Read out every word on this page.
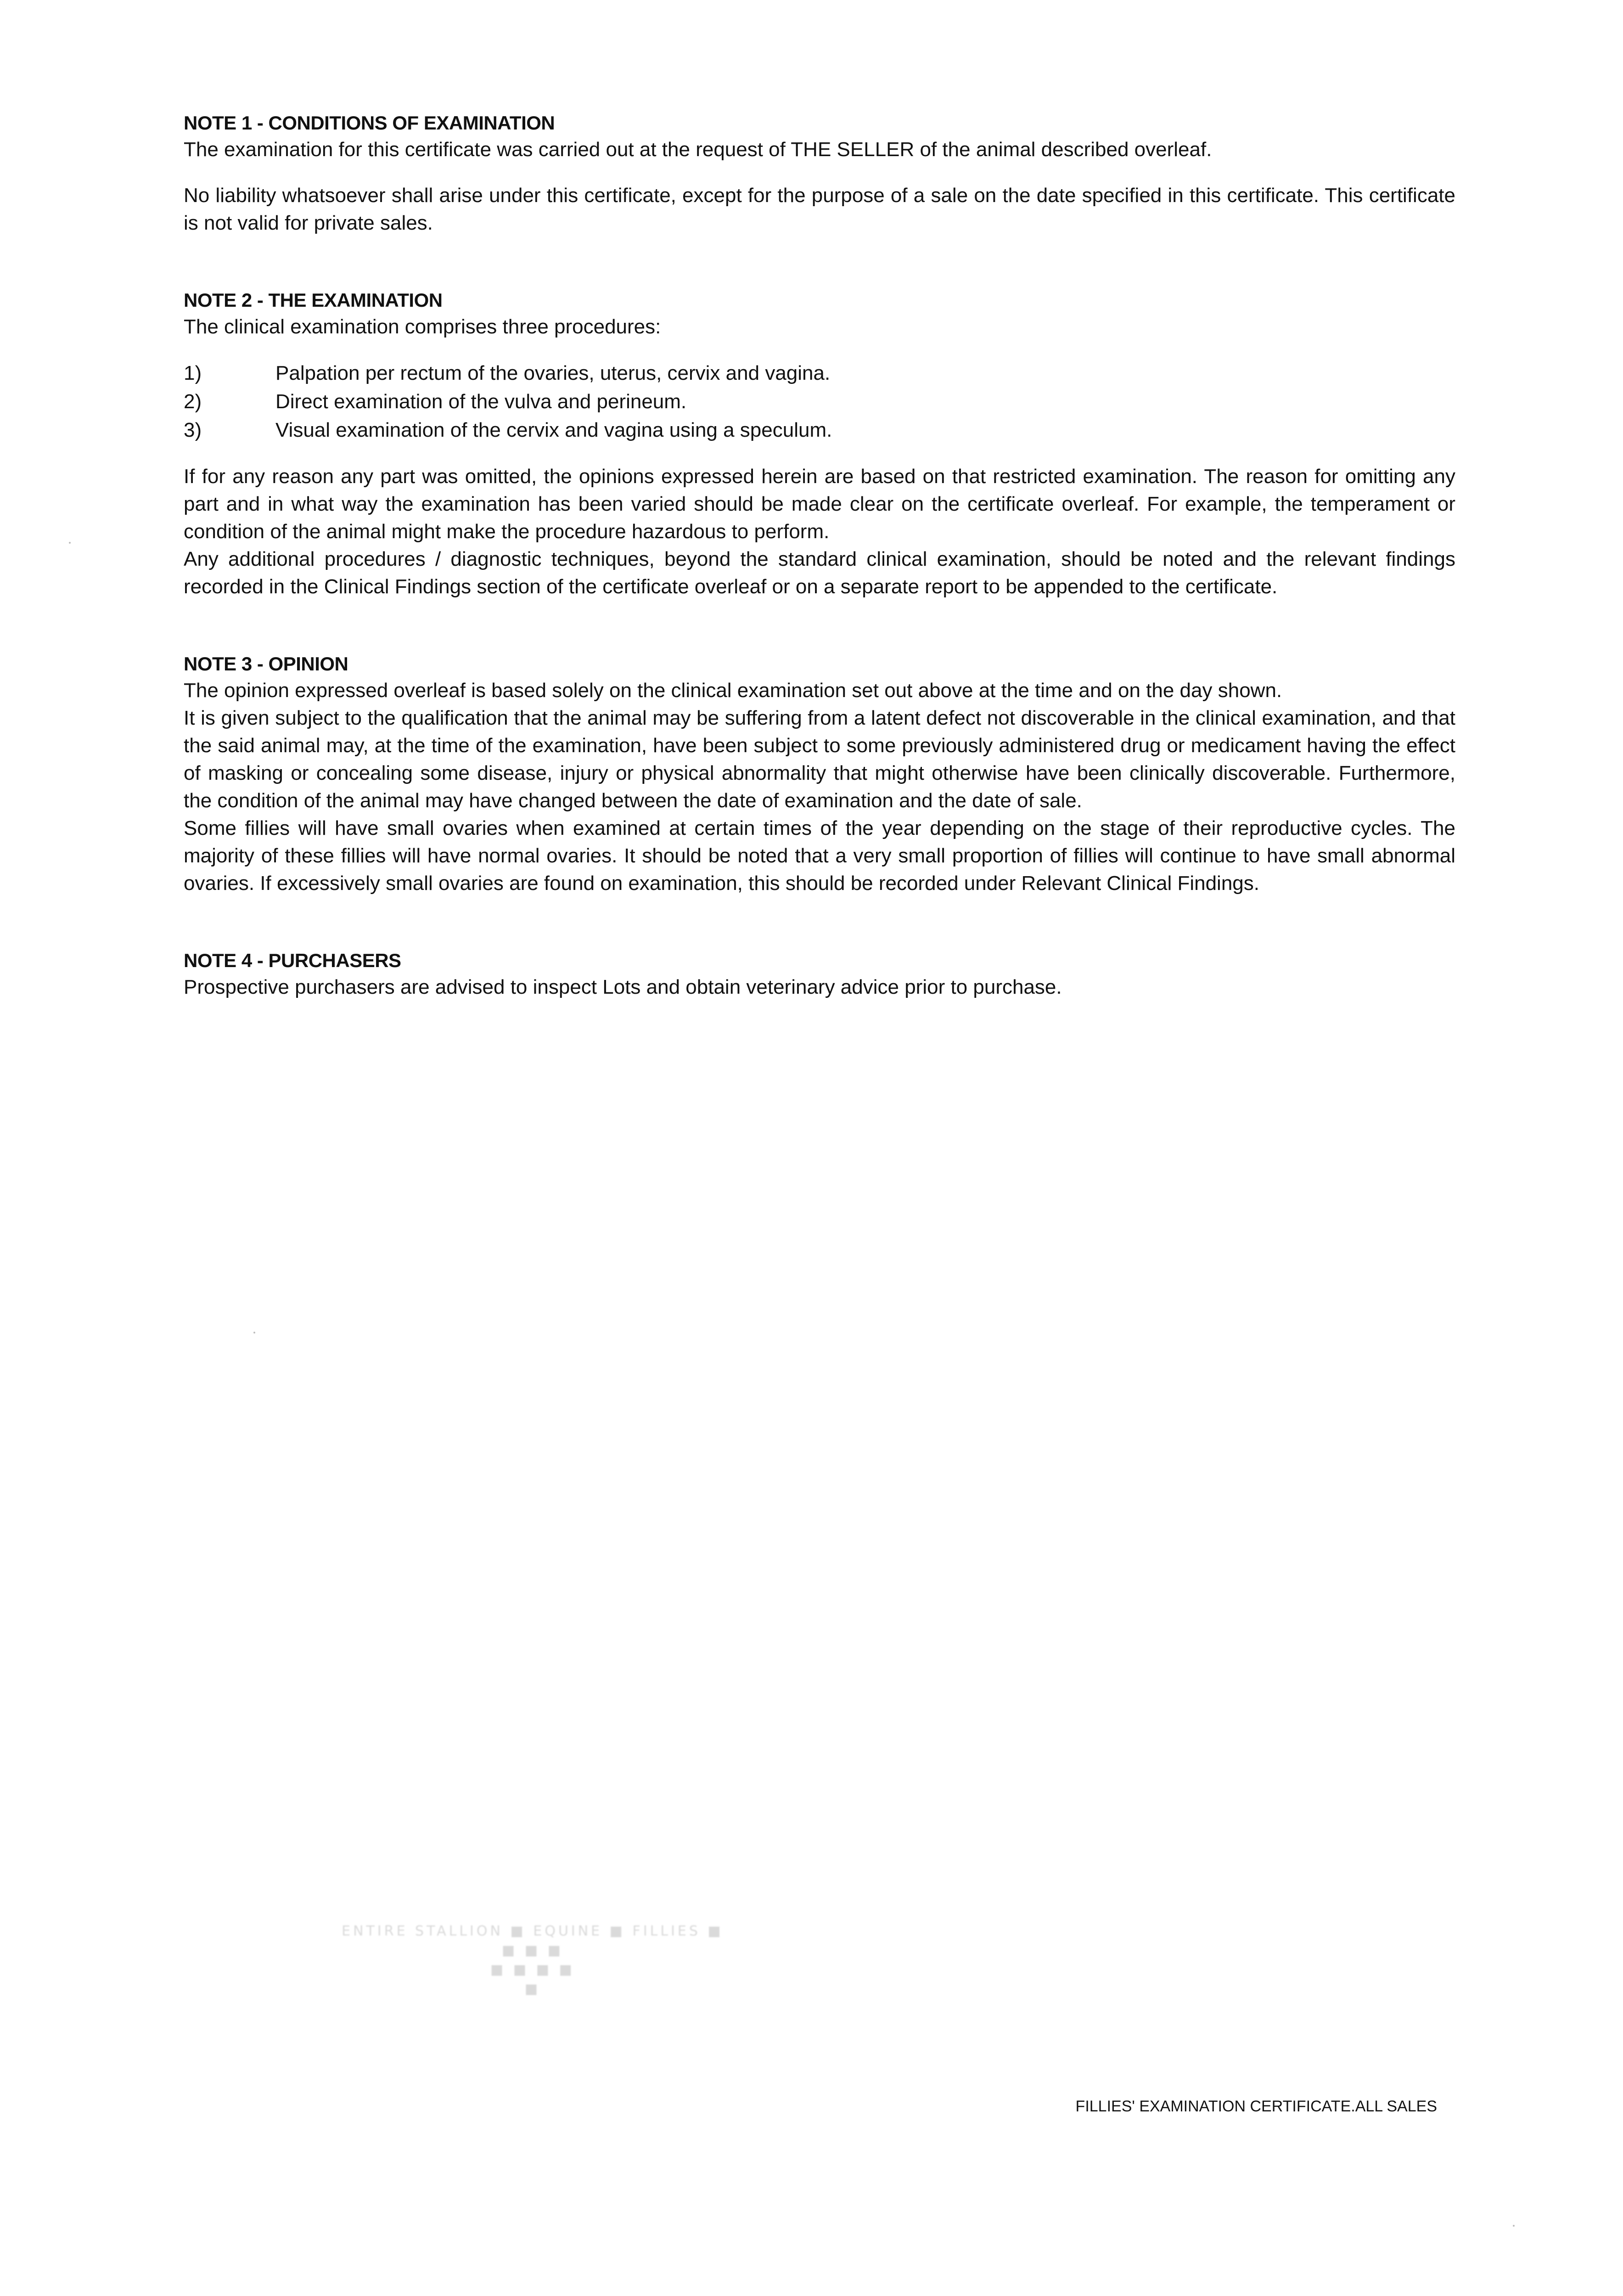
NOTE 1 - CONDITIONS OF EXAMINATION

The examination for this certificate was carried out at the request of THE SELLER of the animal described overleaf.

No liability whatsoever shall arise under this certificate, except for the purpose of a sale on the date specified in this certificate. This certificate is not valid for private sales.

NOTE 2 - THE EXAMINATION

The clinical examination comprises three procedures:

1)	Palpation per rectum of the ovaries, uterus, cervix and vagina.
2)	Direct examination of the vulva and perineum.
3)	Visual examination of the cervix and vagina using a speculum.

If for any reason any part was omitted, the opinions expressed herein are based on that restricted examination. The reason for omitting any part and in what way the examination has been varied should be made clear on the certificate overleaf. For example, the temperament or condition of the animal might make the procedure hazardous to perform.

Any additional procedures / diagnostic techniques, beyond the standard clinical examination, should be noted and the relevant findings recorded in the Clinical Findings section of the certificate overleaf or on a separate report to be appended to the certificate.

NOTE 3 - OPINION

The opinion expressed overleaf is based solely on the clinical examination set out above at the time and on the day shown.

It is given subject to the qualification that the animal may be suffering from a latent defect not discoverable in the clinical examination, and that the said animal may, at the time of the examination, have been subject to some previously administered drug or medicament having the effect of masking or concealing some disease, injury or physical abnormality that might otherwise have been clinically discoverable. Furthermore, the condition of the animal may have changed between the date of examination and the date of sale.

Some fillies will have small ovaries when examined at certain times of the year depending on the stage of their reproductive cycles. The majority of these fillies will have normal ovaries. It should be noted that a very small proportion of fillies will continue to have small abnormal ovaries. If excessively small ovaries are found on examination, this should be recorded under Relevant Clinical Findings.

NOTE 4 - PURCHASERS

Prospective purchasers are advised to inspect Lots and obtain veterinary advice prior to purchase.

ENTIRE STALLION ■ EQUINE ■ FILLIES ■
■ ■ ■
■ ■ ■ ■
■
FILLIES' EXAMINATION CERTIFICATE.ALL SALES
